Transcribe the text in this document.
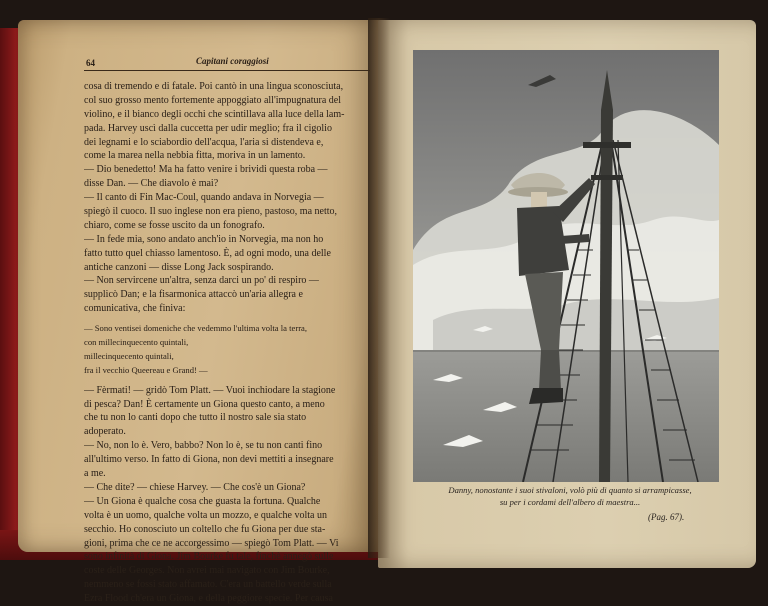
64	Capitani coraggiosi
cosa di tremendo e di fatale. Poi cantò in una lingua sconosciuta,
col suo grosso mento fortemente appoggiato all'impugnatura del
violino, e il bianco degli occhi che scintillava alla luce della lam-
pada. Harvey uscì dalla cuccetta per udir meglio; fra il cigolio
dei legnami e lo sciabordio dell'acqua, l'aria si distendeva e,
come la marea nella nebbia fitta, moriva in un lamento.
— Dio benedetto! Ma ha fatto venire i brividi questa roba —
disse Dan. — Che diavolo è mai?
— Il canto di Fin Mac-Coul, quando andava in Norvegia —
spiegò il cuoco. Il suo inglese non era pieno, pastoso, ma netto,
chiaro, come se fosse uscito da un fonografo.
— In fede mia, sono andato anch'io in Norvegia, ma non ho
fatto tutto quel chiasso lamentoso. È, ad ogni modo, una delle
antiche canzoni — disse Long Jack sospirando.
— Non servircene un'altra, senza darci un po' di respiro —
supplicò Dan; e la fisarmonica attaccò un'aria allegra e
comunicativa, che finiva:
— Sono ventisei domeniche che vedemmo l'ultima volta la terra,
con millecinquecento quintali,
millecinquecento quintali,
fra il vecchio Queereau e Grand! —
— Fèrmati! — gridò Tom Platt. — Vuoi inchiodare la stagione
di pesca? Dan! È certamente un Giona questo canto, a meno
che tu non lo canti dopo che tutto il nostro sale sia stato
adoperato.
— No, non lo è. Vero, babbo? Non lo è, se tu non canti fino
all'ultimo verso. In fatto di Giona, non devi mettiti a insegnare
a me.
— Che dite? — chiese Harvey. — Che cos'è un Giona?
— Un Giona è qualche cosa che guasta la fortuna. Qualche
volta è un uomo, qualche volta un mozzo, e qualche volta un
secchio. Ho conosciuto un coltello che fu Giona per due sta-
gioni, prima che ce ne accorgessimo — spiegò Tom Platt. — Vi
sono infinità di Giona. Jim Bourke fu tale, finchè annegò sulle
coste delle Georges. Non avrei mai navigato con Jim Bourke,
nemmeno se fossi stato affamato. C'era un battello verde sulla
Ezra Flood ch'era un Giona, e della peggiore specie. Per causa
Danny, nonostante i suoi stivaloni, volò più di quanto si arrampicasse,
su per i cordami dell'albero di maestra...
(Pag. 67).
